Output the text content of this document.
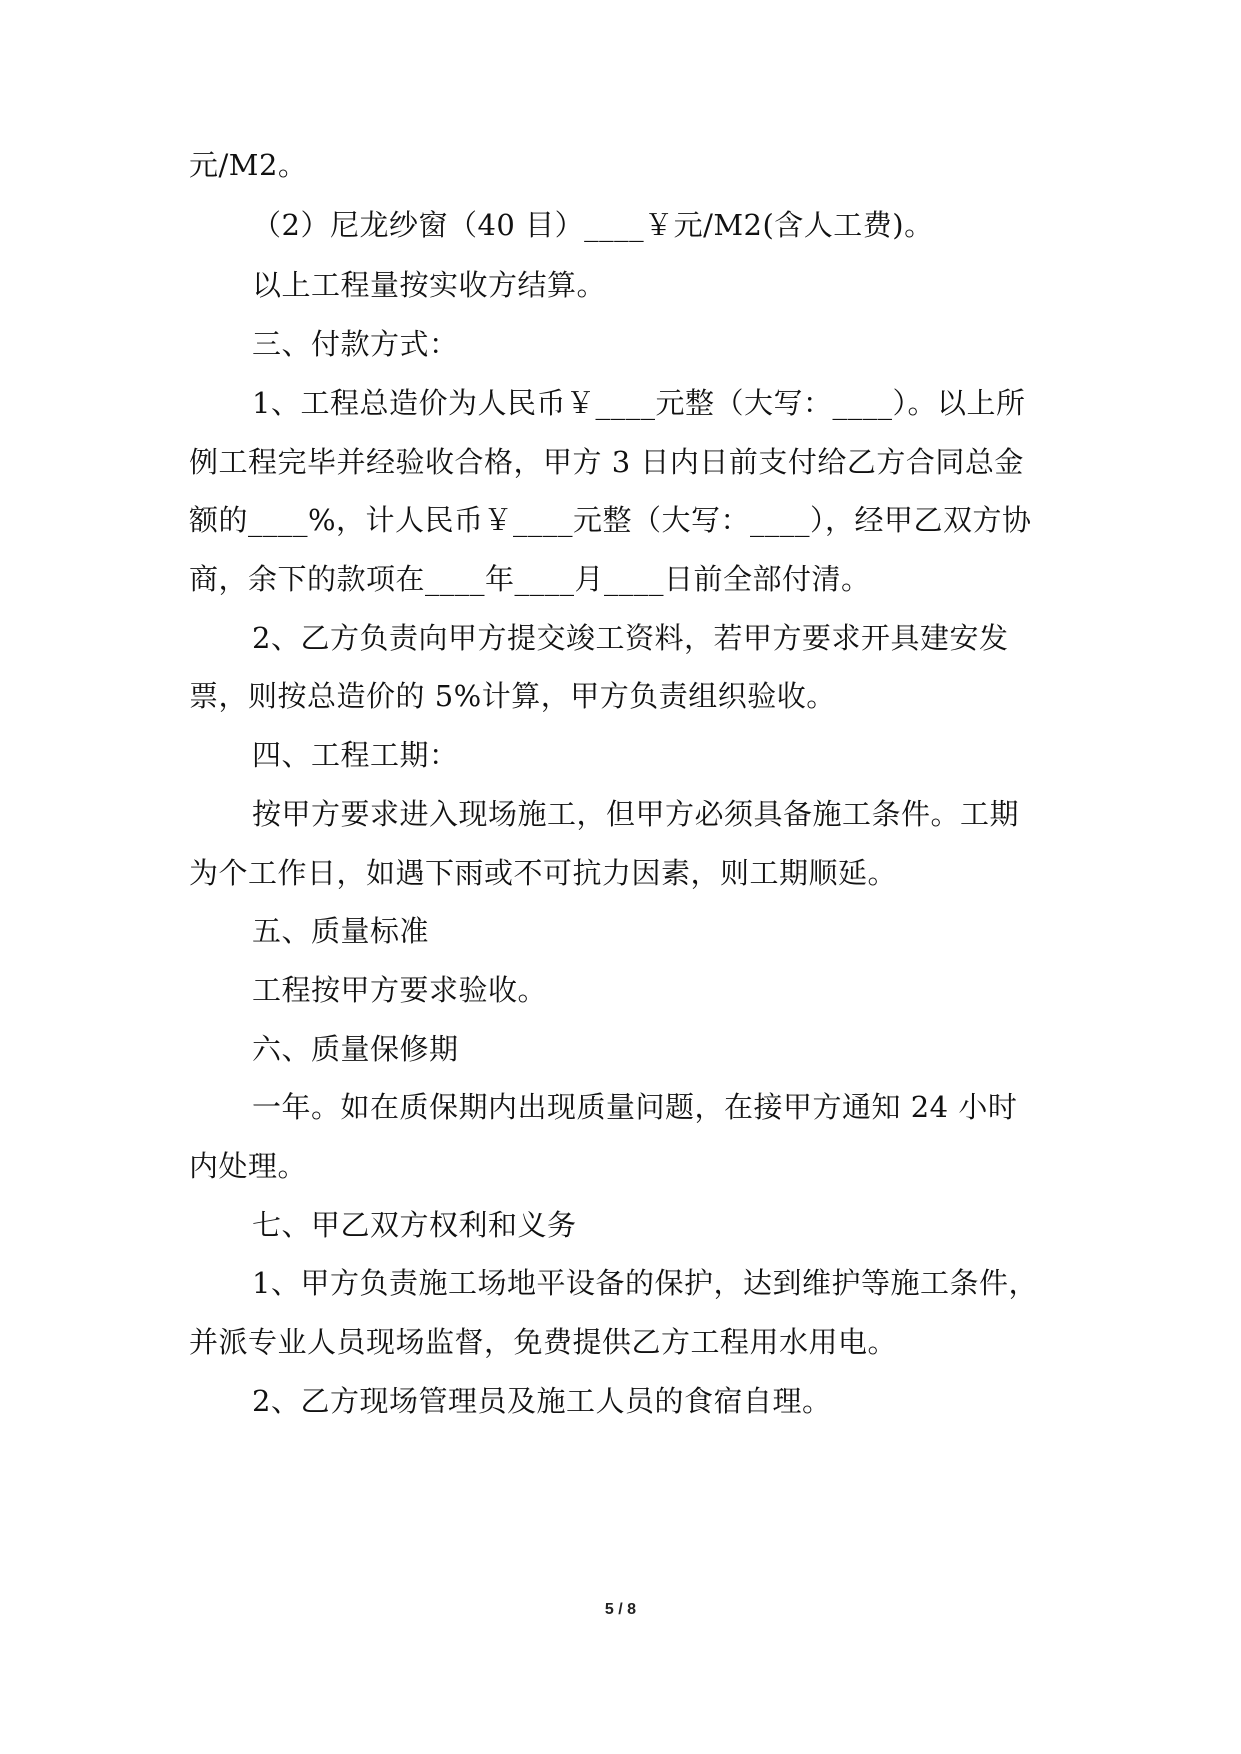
元/M2。
（2）尼龙纱窗（40 目）____￥元/M2(含人工费)。
以上工程量按实收方结算。
三、付款方式：
1、工程总造价为人民币￥____元整（大写：____）。以上所
例工程完毕并经验收合格，甲方 3 日内日前支付给乙方合同总金
额的____%，计人民币￥____元整（大写：____），经甲乙双方协
商，余下的款项在____年____月____日前全部付清。
2、乙方负责向甲方提交竣工资料，若甲方要求开具建安发
票，则按总造价的 5%计算，甲方负责组织验收。
四、工程工期：
按甲方要求进入现场施工，但甲方必须具备施工条件。工期
为个工作日，如遇下雨或不可抗力因素，则工期顺延。
五、质量标准
工程按甲方要求验收。
六、质量保修期
一年。如在质保期内出现质量问题，在接甲方通知 24 小时
内处理。
七、甲乙双方权利和义务
1、甲方负责施工场地平设备的保护，达到维护等施工条件，
并派专业人员现场监督，免费提供乙方工程用水用电。
2、乙方现场管理员及施工人员的食宿自理。
5 / 8
